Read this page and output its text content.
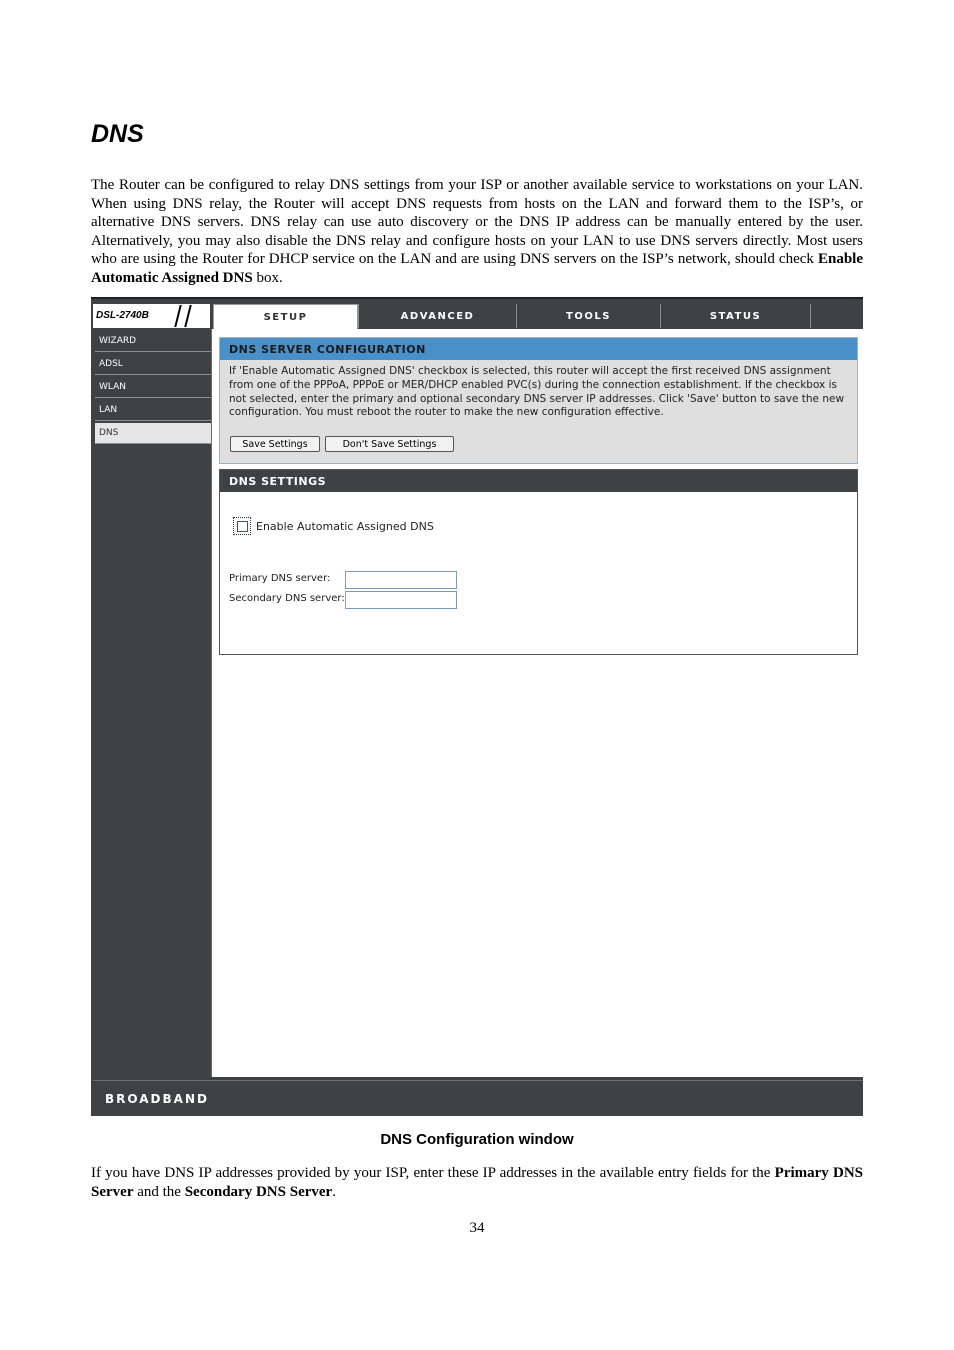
DNS

The Router can be configured to relay DNS settings from your ISP or another available service to workstations on your LAN. When using DNS relay, the Router will accept DNS requests from hosts on the LAN and forward them to the ISP’s, or alternative DNS servers. DNS relay can use auto discovery or the DNS IP address can be manually entered by the user. Alternatively, you may also disable the DNS relay and configure hosts on your LAN to use DNS servers directly. Most users who are using the Router for DHCP service on the LAN and are using DNS servers on the ISP’s network, should check Enable Automatic Assigned DNS box.

DSL-2740B	SETUP	ADVANCED	TOOLS	STATUS
WIZARD
ADSL
WLAN
LAN
DNS
DNS SERVER CONFIGURATION

If 'Enable Automatic Assigned DNS' checkbox is selected, this router will accept the first received DNS assignment from one of the PPPoA, PPPoE or MER/DHCP enabled PVC(s) during the connection establishment. If the checkbox is not selected, enter the primary and optional secondary DNS server IP addresses. Click 'Save' button to save the new configuration. You must reboot the router to make the new configuration effective.

Save Settings	Don't Save Settings
DNS SETTINGS
Enable Automatic Assigned DNS
Primary DNS server:
Secondary DNS server:
BROADBAND
DNS Configuration window

If you have DNS IP addresses provided by your ISP, enter these IP addresses in the available entry fields for the Primary DNS Server and the Secondary DNS Server.

34
